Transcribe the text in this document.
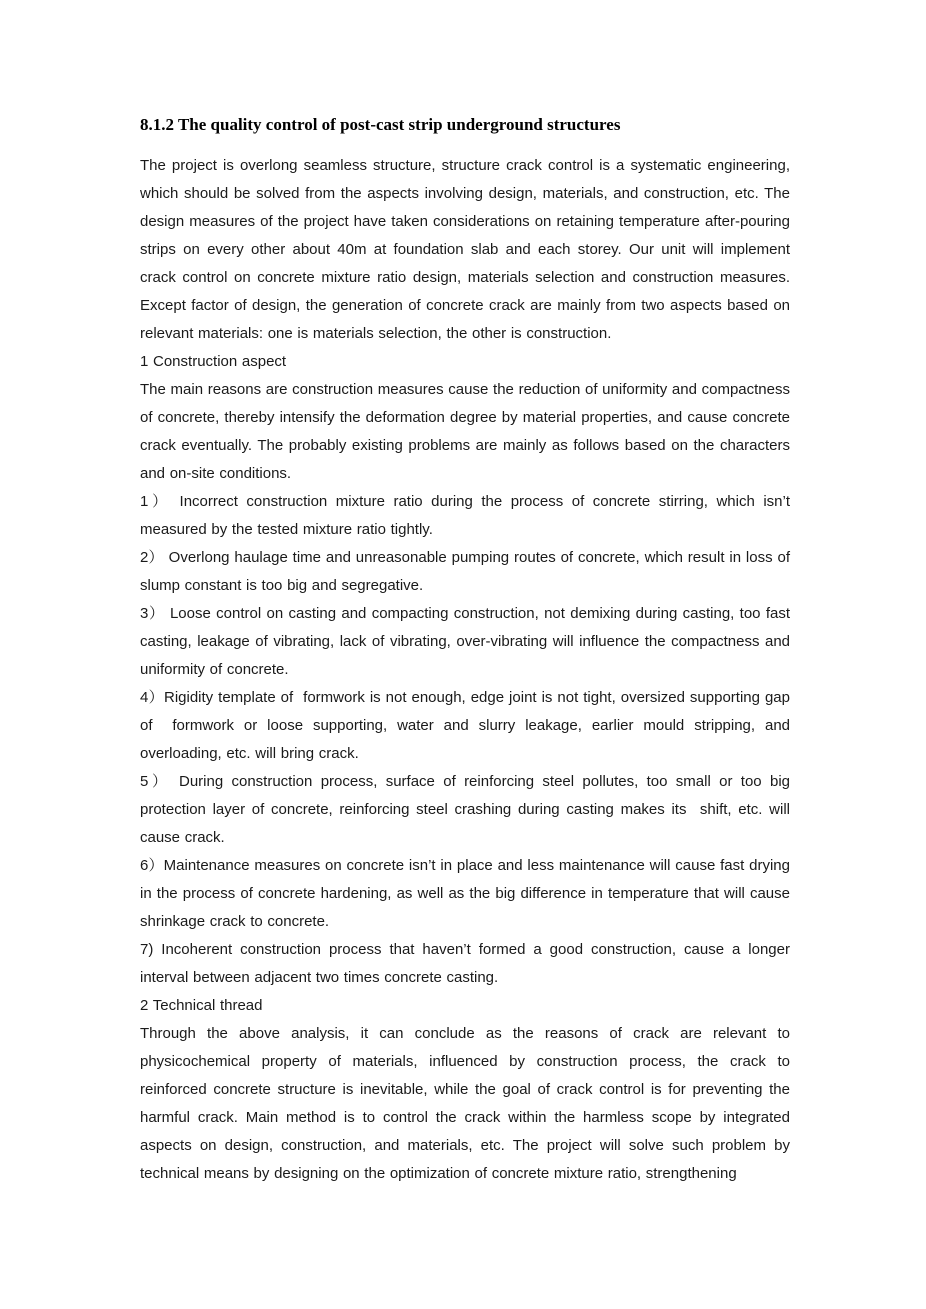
8.1.2 The quality control of post-cast strip underground structures

The project is overlong seamless structure, structure crack control is a systematic engineering, which should be solved from the aspects involving design, materials, and construction, etc. The design measures of the project have taken considerations on retaining temperature after-pouring strips on every other about 40m at foundation slab and each storey. Our unit will implement crack control on concrete mixture ratio design, materials selection and construction measures. Except factor of design, the generation of concrete crack are mainly from two aspects based on relevant materials: one is materials selection, the other is construction.

1 Construction aspect

The main reasons are construction measures cause the reduction of uniformity and compactness of concrete, thereby intensify the deformation degree by material properties, and cause concrete crack eventually. The probably existing problems are mainly as follows based on the characters and on-site conditions.

1） Incorrect construction mixture ratio during the process of concrete stirring, which isn’t measured by the tested mixture ratio tightly.

2） Overlong haulage time and unreasonable pumping routes of concrete, which result in loss of slump constant is too big and segregative.

3） Loose control on casting and compacting construction, not demixing during casting, too fast casting, leakage of vibrating, lack of vibrating, over-vibrating will influence the compactness and uniformity of concrete.

4）Rigidity template of  formwork is not enough, edge joint is not tight, oversized supporting gap of  formwork or loose supporting, water and slurry leakage, earlier mould stripping, and overloading, etc. will bring crack.

5） During construction process, surface of reinforcing steel pollutes, too small or too big protection layer of concrete, reinforcing steel crashing during casting makes its  shift, etc. will cause crack.

6）Maintenance measures on concrete isn’t in place and less maintenance will cause fast drying in the process of concrete hardening, as well as the big difference in temperature that will cause shrinkage crack to concrete.

7) Incoherent construction process that haven’t formed a good construction, cause a longer interval between adjacent two times concrete casting.

2 Technical thread

Through the above analysis, it can conclude as the reasons of crack are relevant to physicochemical property of materials, influenced by construction process, the crack to reinforced concrete structure is inevitable, while the goal of crack control is for preventing the harmful crack. Main method is to control the crack within the harmless scope by integrated aspects on design, construction, and materials, etc. The project will solve such problem by technical means by designing on the optimization of concrete mixture ratio, strengthening
